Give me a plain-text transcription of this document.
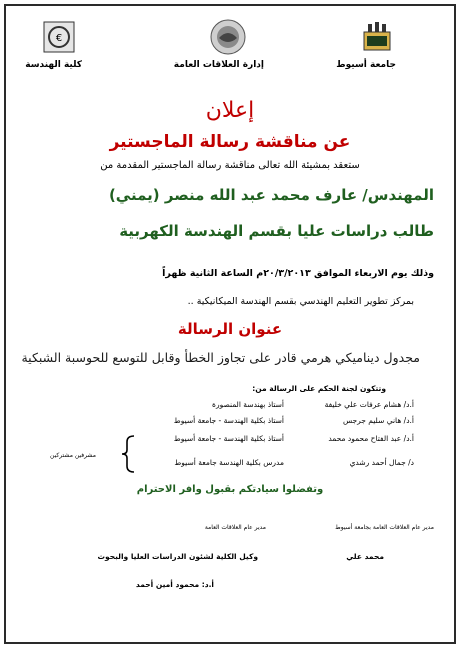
€
جامعة أسيوط
إدارة العلاقات العامة
كلية الهندسة
إعلان
عن مناقشة رسالة الماجستير
ستعقد بمشيئة الله تعالى مناقشة رسالة الماجستير المقدمة من
المهندس/ عارف محمد عبد الله منصر (يمني)
طالب دراسات عليا بقسم الهندسة الكهربية
وذلك يوم الاربعاء الموافق ٢٠/٣/٢٠١٣م الساعة الثانية ظهراً
بمركز تطوير التعليم الهندسي بقسم الهندسة الميكانيكية ..
عنوان الرسالة
مجدول ديناميكي هرمي قادر على تجاوز الخطأ وقابل للتوسع للحوسبة الشبكية
وتتكون لجنة الحكم على الرسالة من:
أ.د/ هشام عرفات علي خليفة
أستاذ بهندسة المنصورة
أ.د/ هاني سليم جرجس
أستاذ بكلية الهندسة - جامعة أسيوط
أ.د/ عبد الفتاح محمود محمد
أستاذ بكلية الهندسة - جامعة أسيوط
د/ جمال أحمد رشدي
مدرس بكلية الهندسة جامعة أسيوط
مشرفين مشتركين
وتفضلوا سيادتكم بقبول وافر الاحترام
مدير عام العلاقات العامة بجامعة أسيوط
مدير عام العلاقات العامة
محمد علي
وكيل الكلية لشئون الدراسات العليا والبحوث
أ.د: محمود أمين أحمد
